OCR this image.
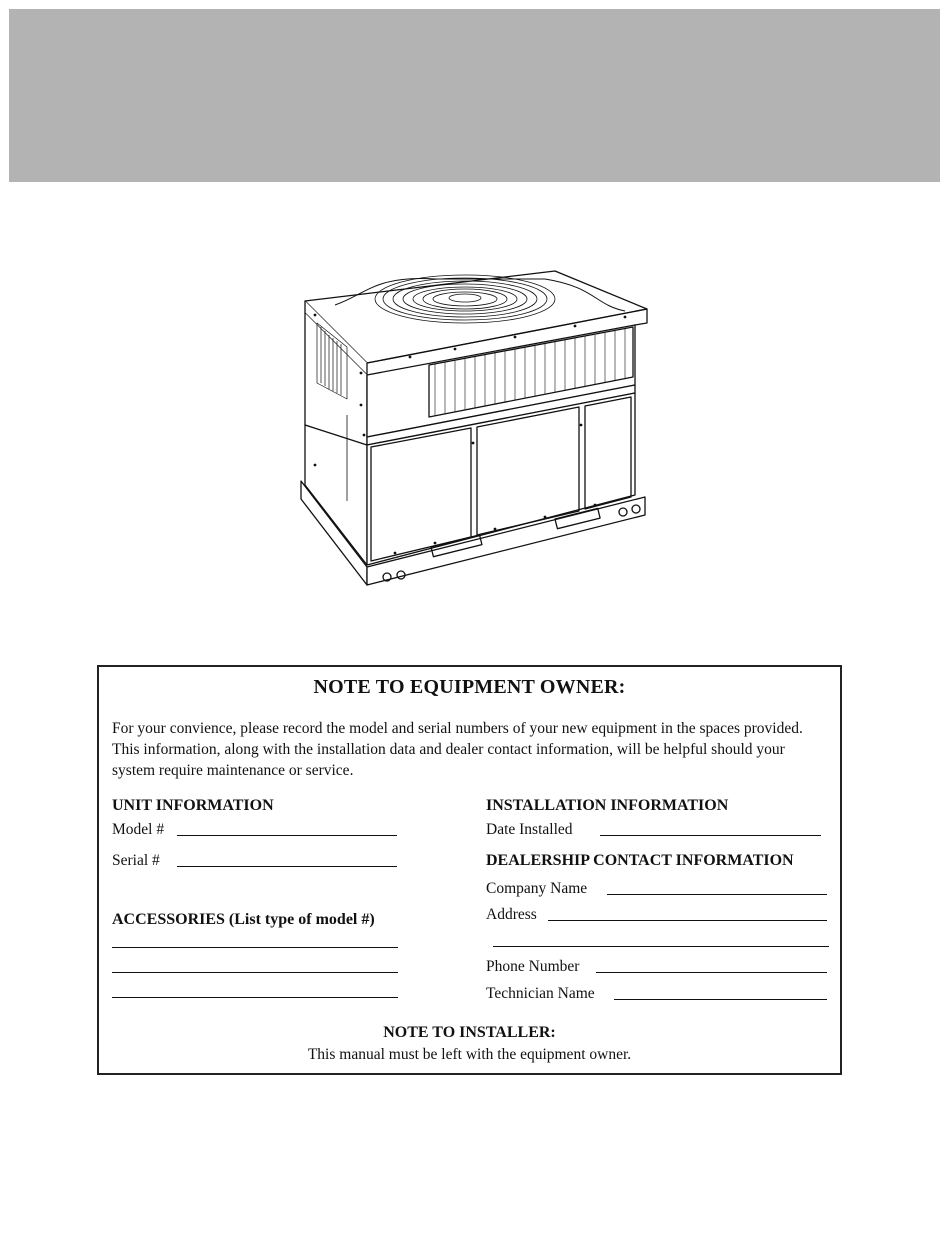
NOTE TO EQUIPMENT OWNER:

For your convience, please record the model and serial numbers of your new equipment in the spaces provided. This information, along with the installation data and dealer contact information, will be helpful should your system require maintenance or service.

UNIT INFORMATION
Model #
Serial #
ACCESSORIES (List type of model #)
INSTALLATION INFORMATION
Date Installed
DEALERSHIP CONTACT INFORMATION
Company Name
Address
Phone Number
Technician Name
NOTE TO INSTALLER:
This manual must be left with the equipment owner.
